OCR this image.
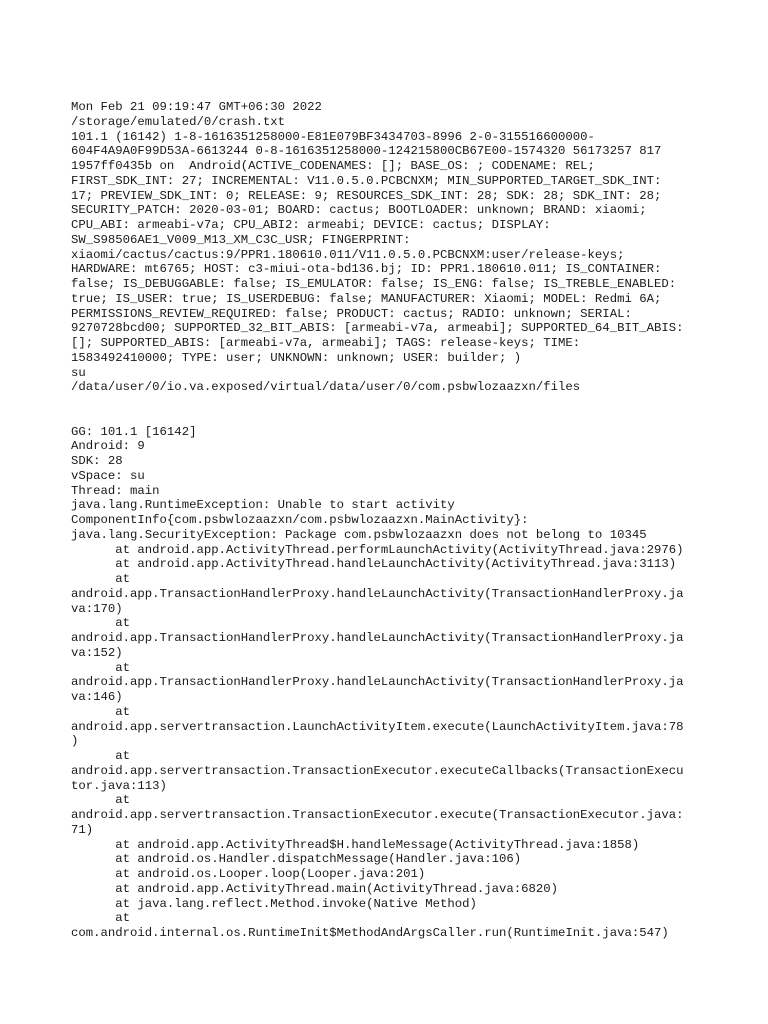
Mon Feb 21 09:19:47 GMT+06:30 2022
/storage/emulated/0/crash.txt
101.1 (16142) 1-8-1616351258000-E81E079BF3434703-8996 2-0-315516600000-
604F4A9A0F99D53A-6613244 0-8-1616351258000-124215800CB67E00-1574320 56173257 817
1957ff0435b on  Android(ACTIVE_CODENAMES: []; BASE_OS: ; CODENAME: REL;
FIRST_SDK_INT: 27; INCREMENTAL: V11.0.5.0.PCBCNXM; MIN_SUPPORTED_TARGET_SDK_INT:
17; PREVIEW_SDK_INT: 0; RELEASE: 9; RESOURCES_SDK_INT: 28; SDK: 28; SDK_INT: 28;
SECURITY_PATCH: 2020-03-01; BOARD: cactus; BOOTLOADER: unknown; BRAND: xiaomi;
CPU_ABI: armeabi-v7a; CPU_ABI2: armeabi; DEVICE: cactus; DISPLAY:
SW_S98506AE1_V009_M13_XM_C3C_USR; FINGERPRINT:
xiaomi/cactus/cactus:9/PPR1.180610.011/V11.0.5.0.PCBCNXM:user/release-keys;
HARDWARE: mt6765; HOST: c3-miui-ota-bd136.bj; ID: PPR1.180610.011; IS_CONTAINER:
false; IS_DEBUGGABLE: false; IS_EMULATOR: false; IS_ENG: false; IS_TREBLE_ENABLED:
true; IS_USER: true; IS_USERDEBUG: false; MANUFACTURER: Xiaomi; MODEL: Redmi 6A;
PERMISSIONS_REVIEW_REQUIRED: false; PRODUCT: cactus; RADIO: unknown; SERIAL:
9270728bcd00; SUPPORTED_32_BIT_ABIS: [armeabi-v7a, armeabi]; SUPPORTED_64_BIT_ABIS:
[]; SUPPORTED_ABIS: [armeabi-v7a, armeabi]; TAGS: release-keys; TIME:
1583492410000; TYPE: user; UNKNOWN: unknown; USER: builder; )
su
/data/user/0/io.va.exposed/virtual/data/user/0/com.psbwlozaazxn/files
GG: 101.1 [16142]
Android: 9
SDK: 28
vSpace: su
Thread: main
java.lang.RuntimeException: Unable to start activity
ComponentInfo{com.psbwlozaazxn/com.psbwlozaazxn.MainActivity}:
java.lang.SecurityException: Package com.psbwlozaazxn does not belong to 10345
at android.app.ActivityThread.performLaunchActivity(ActivityThread.java:2976)
at android.app.ActivityThread.handleLaunchActivity(ActivityThread.java:3113)
at
android.app.TransactionHandlerProxy.handleLaunchActivity(TransactionHandlerProxy.ja
va:170)
at
android.app.TransactionHandlerProxy.handleLaunchActivity(TransactionHandlerProxy.ja
va:152)
at
android.app.TransactionHandlerProxy.handleLaunchActivity(TransactionHandlerProxy.ja
va:146)
at
android.app.servertransaction.LaunchActivityItem.execute(LaunchActivityItem.java:78
)
at
android.app.servertransaction.TransactionExecutor.executeCallbacks(TransactionExecu
tor.java:113)
at
android.app.servertransaction.TransactionExecutor.execute(TransactionExecutor.java:
71)
at android.app.ActivityThread$H.handleMessage(ActivityThread.java:1858)
at android.os.Handler.dispatchMessage(Handler.java:106)
at android.os.Looper.loop(Looper.java:201)
at android.app.ActivityThread.main(ActivityThread.java:6820)
at java.lang.reflect.Method.invoke(Native Method)
at
com.android.internal.os.RuntimeInit$MethodAndArgsCaller.run(RuntimeInit.java:547)
